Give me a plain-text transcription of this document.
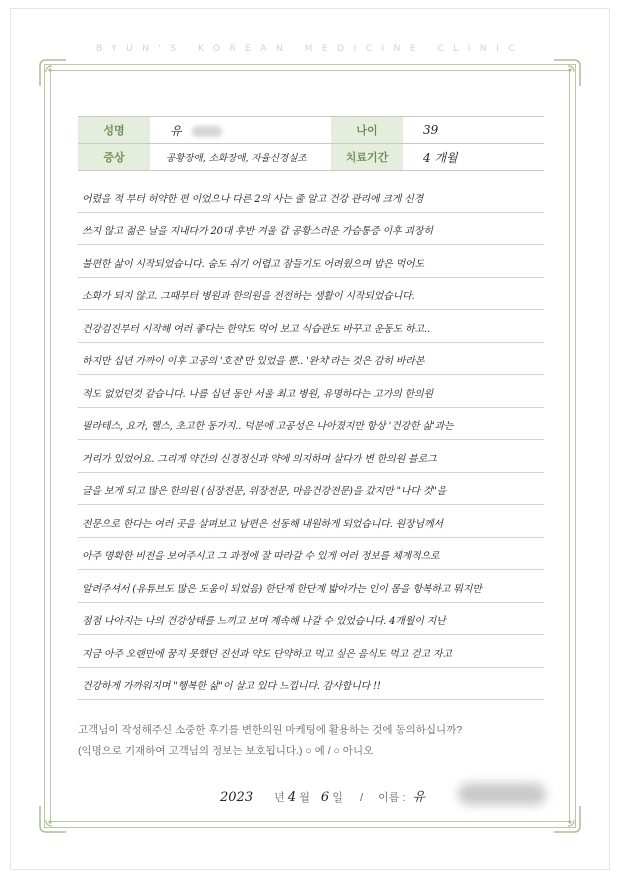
BYUN'S KOREAN MEDICINE CLINIC
성명	유	나이	39
증상	공황장애, 소화장애, 자율신경실조	치료기간	4 개월
어렸을 적 부터 허약한 편 이었으나 다른 2의 사는 줄 알고 건강 관리에 크게 신경
쓰지 않고 젊은 날을 지내다가 20대 후반 겨울 갑 공황스러운 가슴통증 이후 괴장히
불편한 삶이 시작되었습니다. 숨도 쉬기 어렵고 잠들기도 어려웠으며 밥은 먹어도
소화가 되지 않고. 그때부터 병원과 한의원을 전전하는 생활이 시작되었습니다.
건강검진부터 시작해 여러 좋다는 한약도 먹어 보고 식습관도 바꾸고 운동도 하고..
하지만 십년 가까이 이후 고공의 '호전'만 있었을 뿐.. '완치'라는 것은 감히 바라본
적도 없었던것 같습니다. 나름 십년 동안 서울 최고 병원, 유명하다는 고가의 한의원
필라테스, 요가, 헬스, 초고한 동가지.. 덕분에 고공성은 나아졌지만 항상 '건강한 삶'과는
거리가 있었어요. 그리게 약간의 신경정신과 약에 의지하며 살다가 변 한의원 블로그
글을 보게 되고 많은 한의원 (심장전문, 위장전문, 마음건강전문)을 갔지만 "나다 것"을
전문으로 한다는 여러 곳을 살펴보고 남편은 선동해 내원하게 되었습니다. 원장님께서
아주 명확한 비전을 보여주시고 그 과정에 잘 따라갈 수 있게 여러 정보를 체계적으로
알려주셔서 (유튜브도 많은 도움이 되었음) 한단계 한단계 밟아가는 인이 몸을 항복하고 뭐지만
점점 나아지는 나의 건강상태를 느끼고 보며 계속해 나갈 수 있었습니다. 4개월이 지난
지금 아주 오랜만에 꿈지 못했던 진선과 약도 단약하고 먹고 싶은 음식도 먹고 걷고 자고
건강하게 가까워지며 "행복한 삶"이 살고 있다 느낍니다. 감사합니다 !!
고객님이 작성해주신 소중한 후기를 변한의원 마케팅에 활용하는 것에 동의하십니까?
(익명으로 기재하여 고객님의 정보는 보호됩니다.) ○ 예 / ○ 아니오
2023 년 4 월 6 일 / 이름 : 유
